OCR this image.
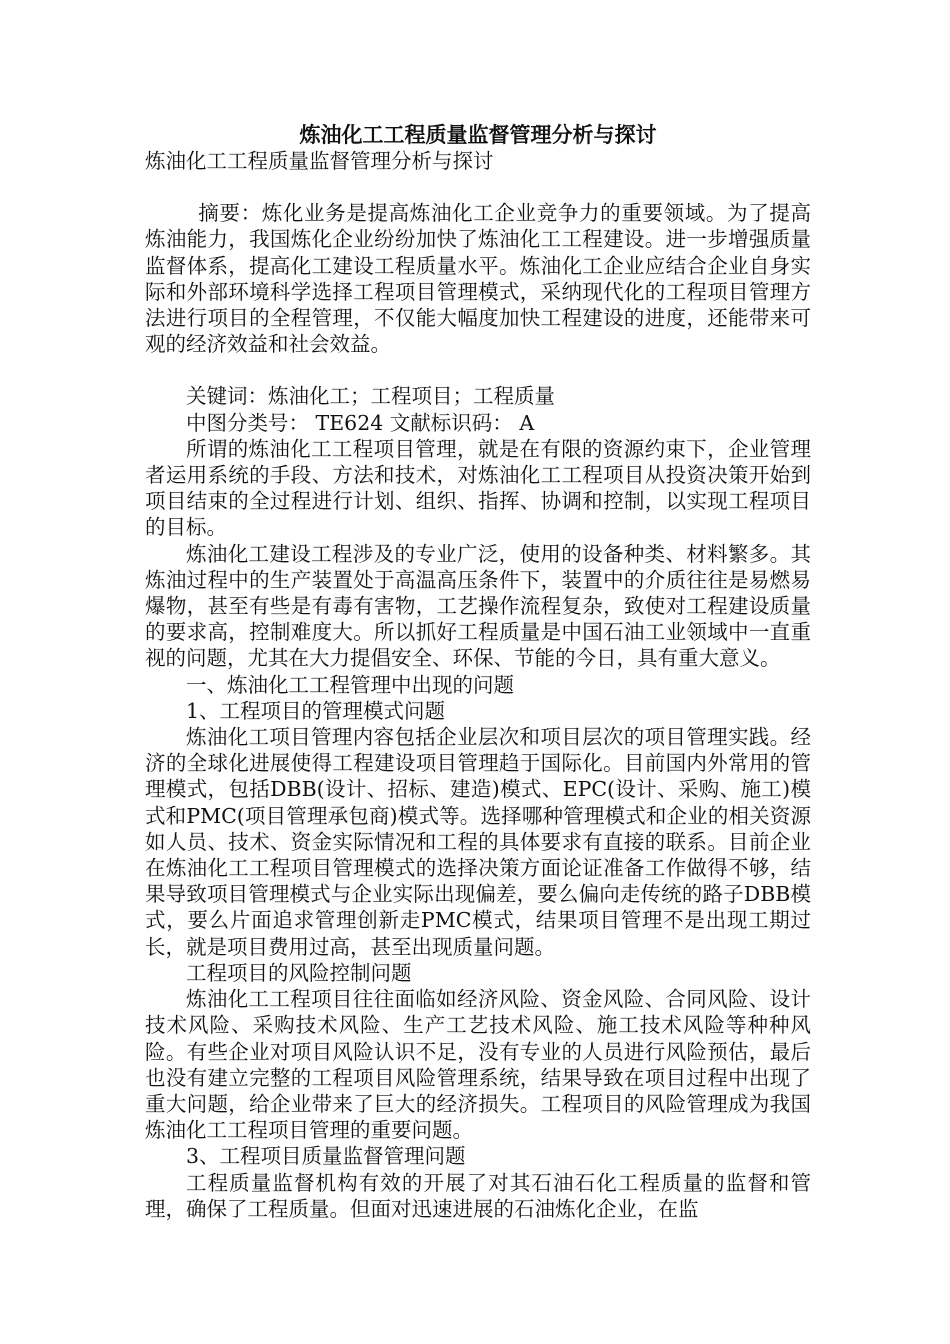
炼油化工工程质量监督管理分析与探讨

炼油化工工程质量监督管理分析与探讨

摘要：炼化业务是提高炼油化工企业竞争力的重要领域。为了提高炼油能力，我国炼化企业纷纷加快了炼油化工工程建设。进一步增强质量监督体系，提高化工建设工程质量水平。炼油化工企业应结合企业自身实际和外部环境科学选择工程项目管理模式，采纳现代化的工程项目管理方法进行项目的全程管理，不仅能大幅度加快工程建设的进度，还能带来可观的经济效益和社会效益。

关键词：炼油化工；工程项目；工程质量

中图分类号： TE624 文献标识码： A

所谓的炼油化工工程项目管理，就是在有限的资源约束下，企业管理者运用系统的手段、方法和技术，对炼油化工工程项目从投资决策开始到项目结束的全过程进行计划、组织、指挥、协调和控制，以实现工程项目的目标。

炼油化工建设工程涉及的专业广泛，使用的设备种类、材料繁多。其炼油过程中的生产装置处于高温高压条件下，装置中的介质往往是易燃易爆物，甚至有些是有毒有害物，工艺操作流程复杂，致使对工程建设质量的要求高，控制难度大。所以抓好工程质量是中国石油工业领域中一直重视的问题，尤其在大力提倡安全、环保、节能的今日，具有重大意义。

一、炼油化工工程管理中出现的问题

1、工程项目的管理模式问题

炼油化工项目管理内容包括企业层次和项目层次的项目管理实践。经济的全球化进展使得工程建设项目管理趋于国际化。目前国内外常用的管理模式，包括DBB(设计、招标、建造)模式、EPC(设计、采购、施工)模式和PMC(项目管理承包商)模式等。选择哪种管理模式和企业的相关资源如人员、技术、资金实际情况和工程的具体要求有直接的联系。目前企业在炼油化工工程项目管理模式的选择决策方面论证准备工作做得不够，结果导致项目管理模式与企业实际出现偏差，要么偏向走传统的路子DBB模式，要么片面追求管理创新走PMC模式，结果项目管理不是出现工期过长，就是项目费用过高，甚至出现质量问题。

工程项目的风险控制问题

炼油化工工程项目往往面临如经济风险、资金风险、合同风险、设计技术风险、采购技术风险、生产工艺技术风险、施工技术风险等种种风险。有些企业对项目风险认识不足，没有专业的人员进行风险预估，最后也没有建立完整的工程项目风险管理系统，结果导致在项目过程中出现了重大问题，给企业带来了巨大的经济损失。工程项目的风险管理成为我国炼油化工工程项目管理的重要问题。

3、工程项目质量监督管理问题

工程质量监督机构有效的开展了对其石油石化工程质量的监督和管理，确保了工程质量。但面对迅速进展的石油炼化企业，在监
